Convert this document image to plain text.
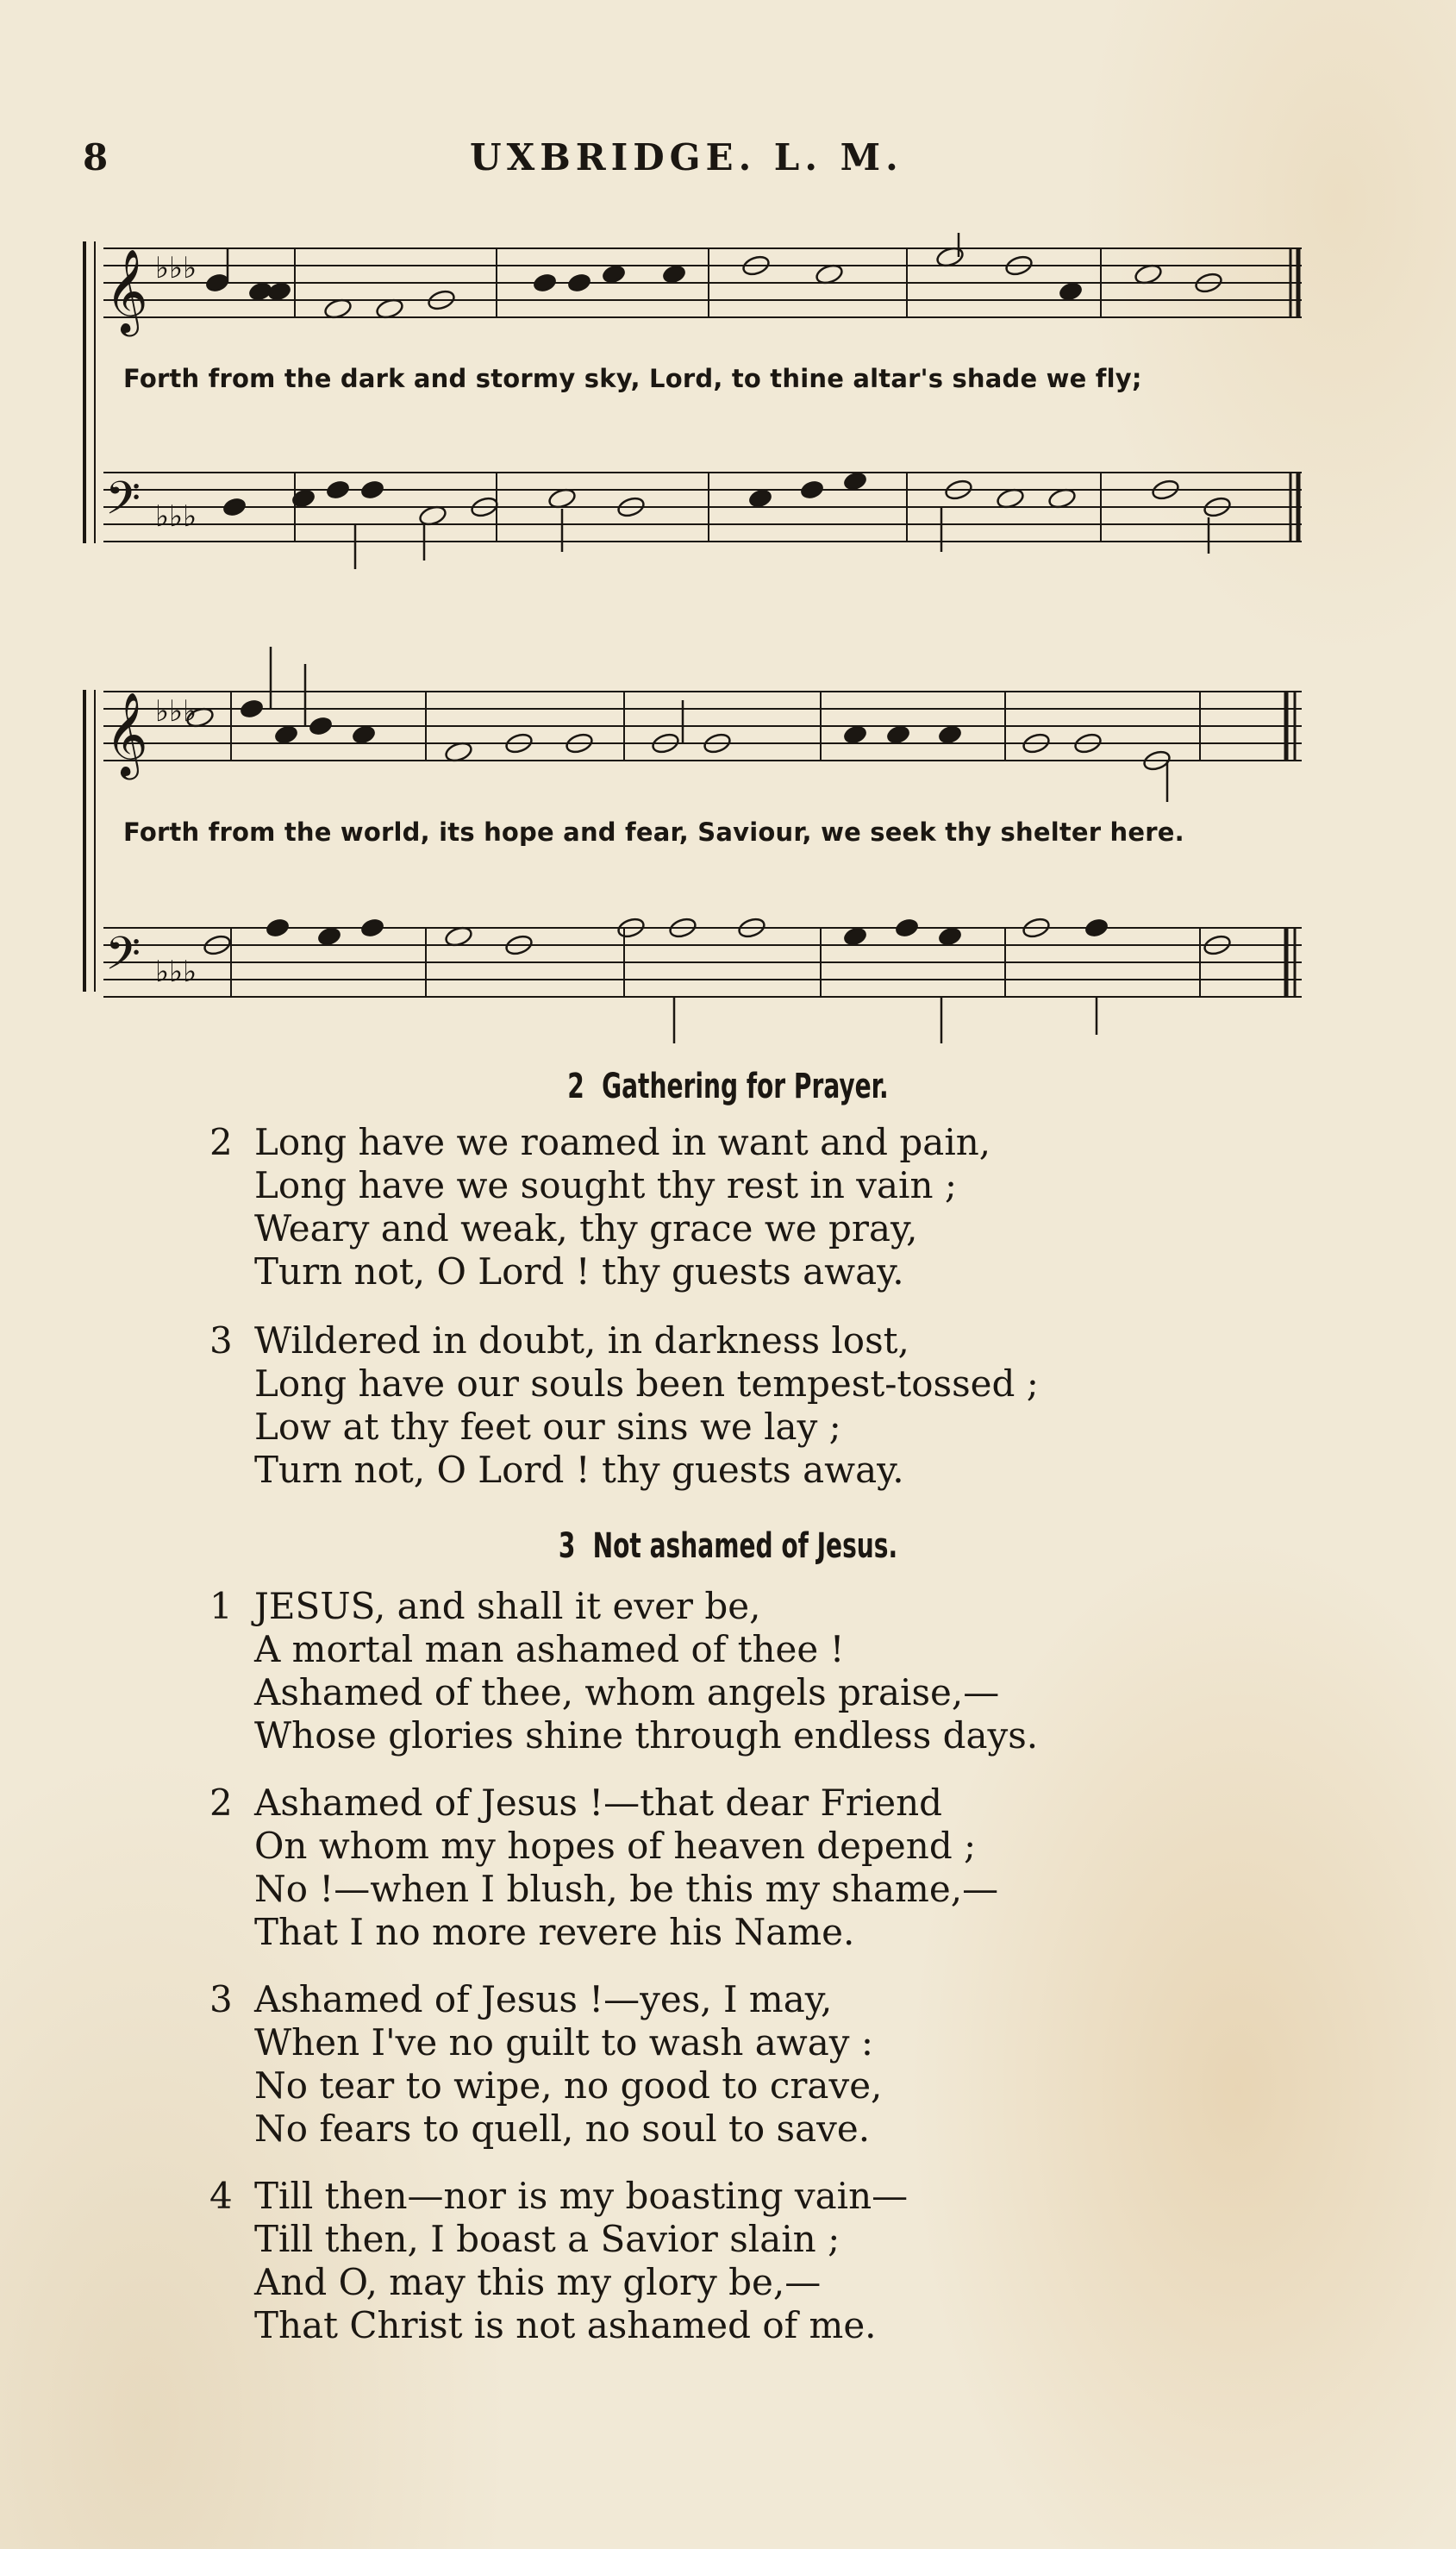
8	UXBRIDGE. L. M.
𝄞 ♭♭♭
𝄢 ♭♭♭
Forth from the dark and stormy sky, Lord, to thine altar's shade we fly;
𝄞 ♭♭♭
𝄢 ♭♭♭
Forth from the world, its hope and fear, Saviour, we seek thy shelter here.
2 Gathering for Prayer.
2 Long have we roamed in want and pain,
Long have we sought thy rest in vain ;
Weary and weak, thy grace we pray,
Turn not, O Lord ! thy guests away.
3 Wildered in doubt, in darkness lost,
Long have our souls been tempest-tossed ;
Low at thy feet our sins we lay ;
Turn not, O Lord ! thy guests away.
3 Not ashamed of Jesus.
1 JESUS, and shall it ever be,
A mortal man ashamed of thee !
Ashamed of thee, whom angels praise,—
Whose glories shine through endless days.
2 Ashamed of Jesus !—that dear Friend
On whom my hopes of heaven depend ;
No !—when I blush, be this my shame,—
That I no more revere his Name.
3 Ashamed of Jesus !—yes, I may,
When I've no guilt to wash away :
No tear to wipe, no good to crave,
No fears to quell, no soul to save.
4 Till then—nor is my boasting vain—
Till then, I boast a Savior slain ;
And O, may this my glory be,—
That Christ is not ashamed of me.
